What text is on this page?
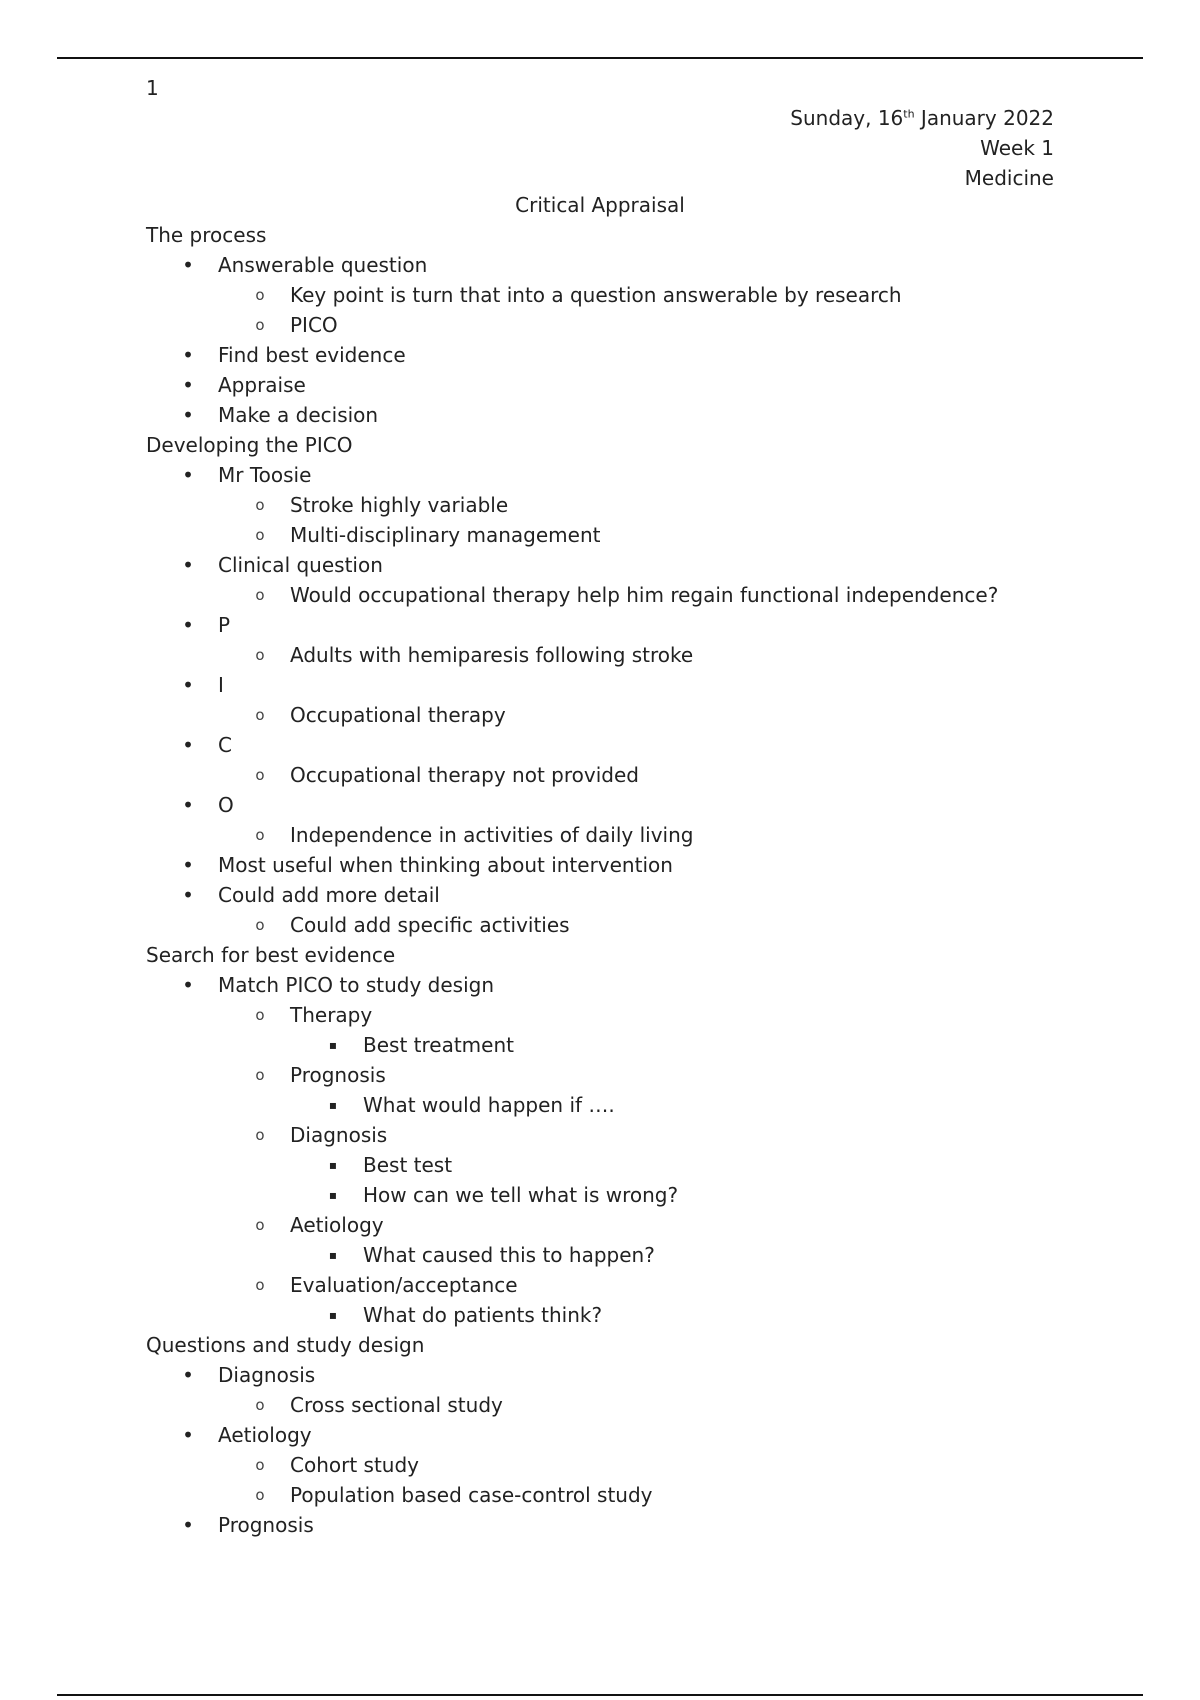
1
Sunday, 16th January 2022
Week 1
Medicine
Critical Appraisal
The process
• Answerable question
o Key point is turn that into a question answerable by research
o PICO
• Find best evidence
• Appraise
• Make a decision
Developing the PICO
• Mr Toosie
o Stroke highly variable
o Multi-disciplinary management
• Clinical question
o Would occupational therapy help him regain functional independence?
• P
o Adults with hemiparesis following stroke
• I
o Occupational therapy
• C
o Occupational therapy not provided
• O
o Independence in activities of daily living
• Most useful when thinking about intervention
• Could add more detail
o Could add specific activities
Search for best evidence
• Match PICO to study design
o Therapy
▪ Best treatment
o Prognosis
▪ What would happen if ….
o Diagnosis
▪ Best test
▪ How can we tell what is wrong?
o Aetiology
▪ What caused this to happen?
o Evaluation/acceptance
▪ What do patients think?
Questions and study design
• Diagnosis
o Cross sectional study
• Aetiology
o Cohort study
o Population based case-control study
• Prognosis
